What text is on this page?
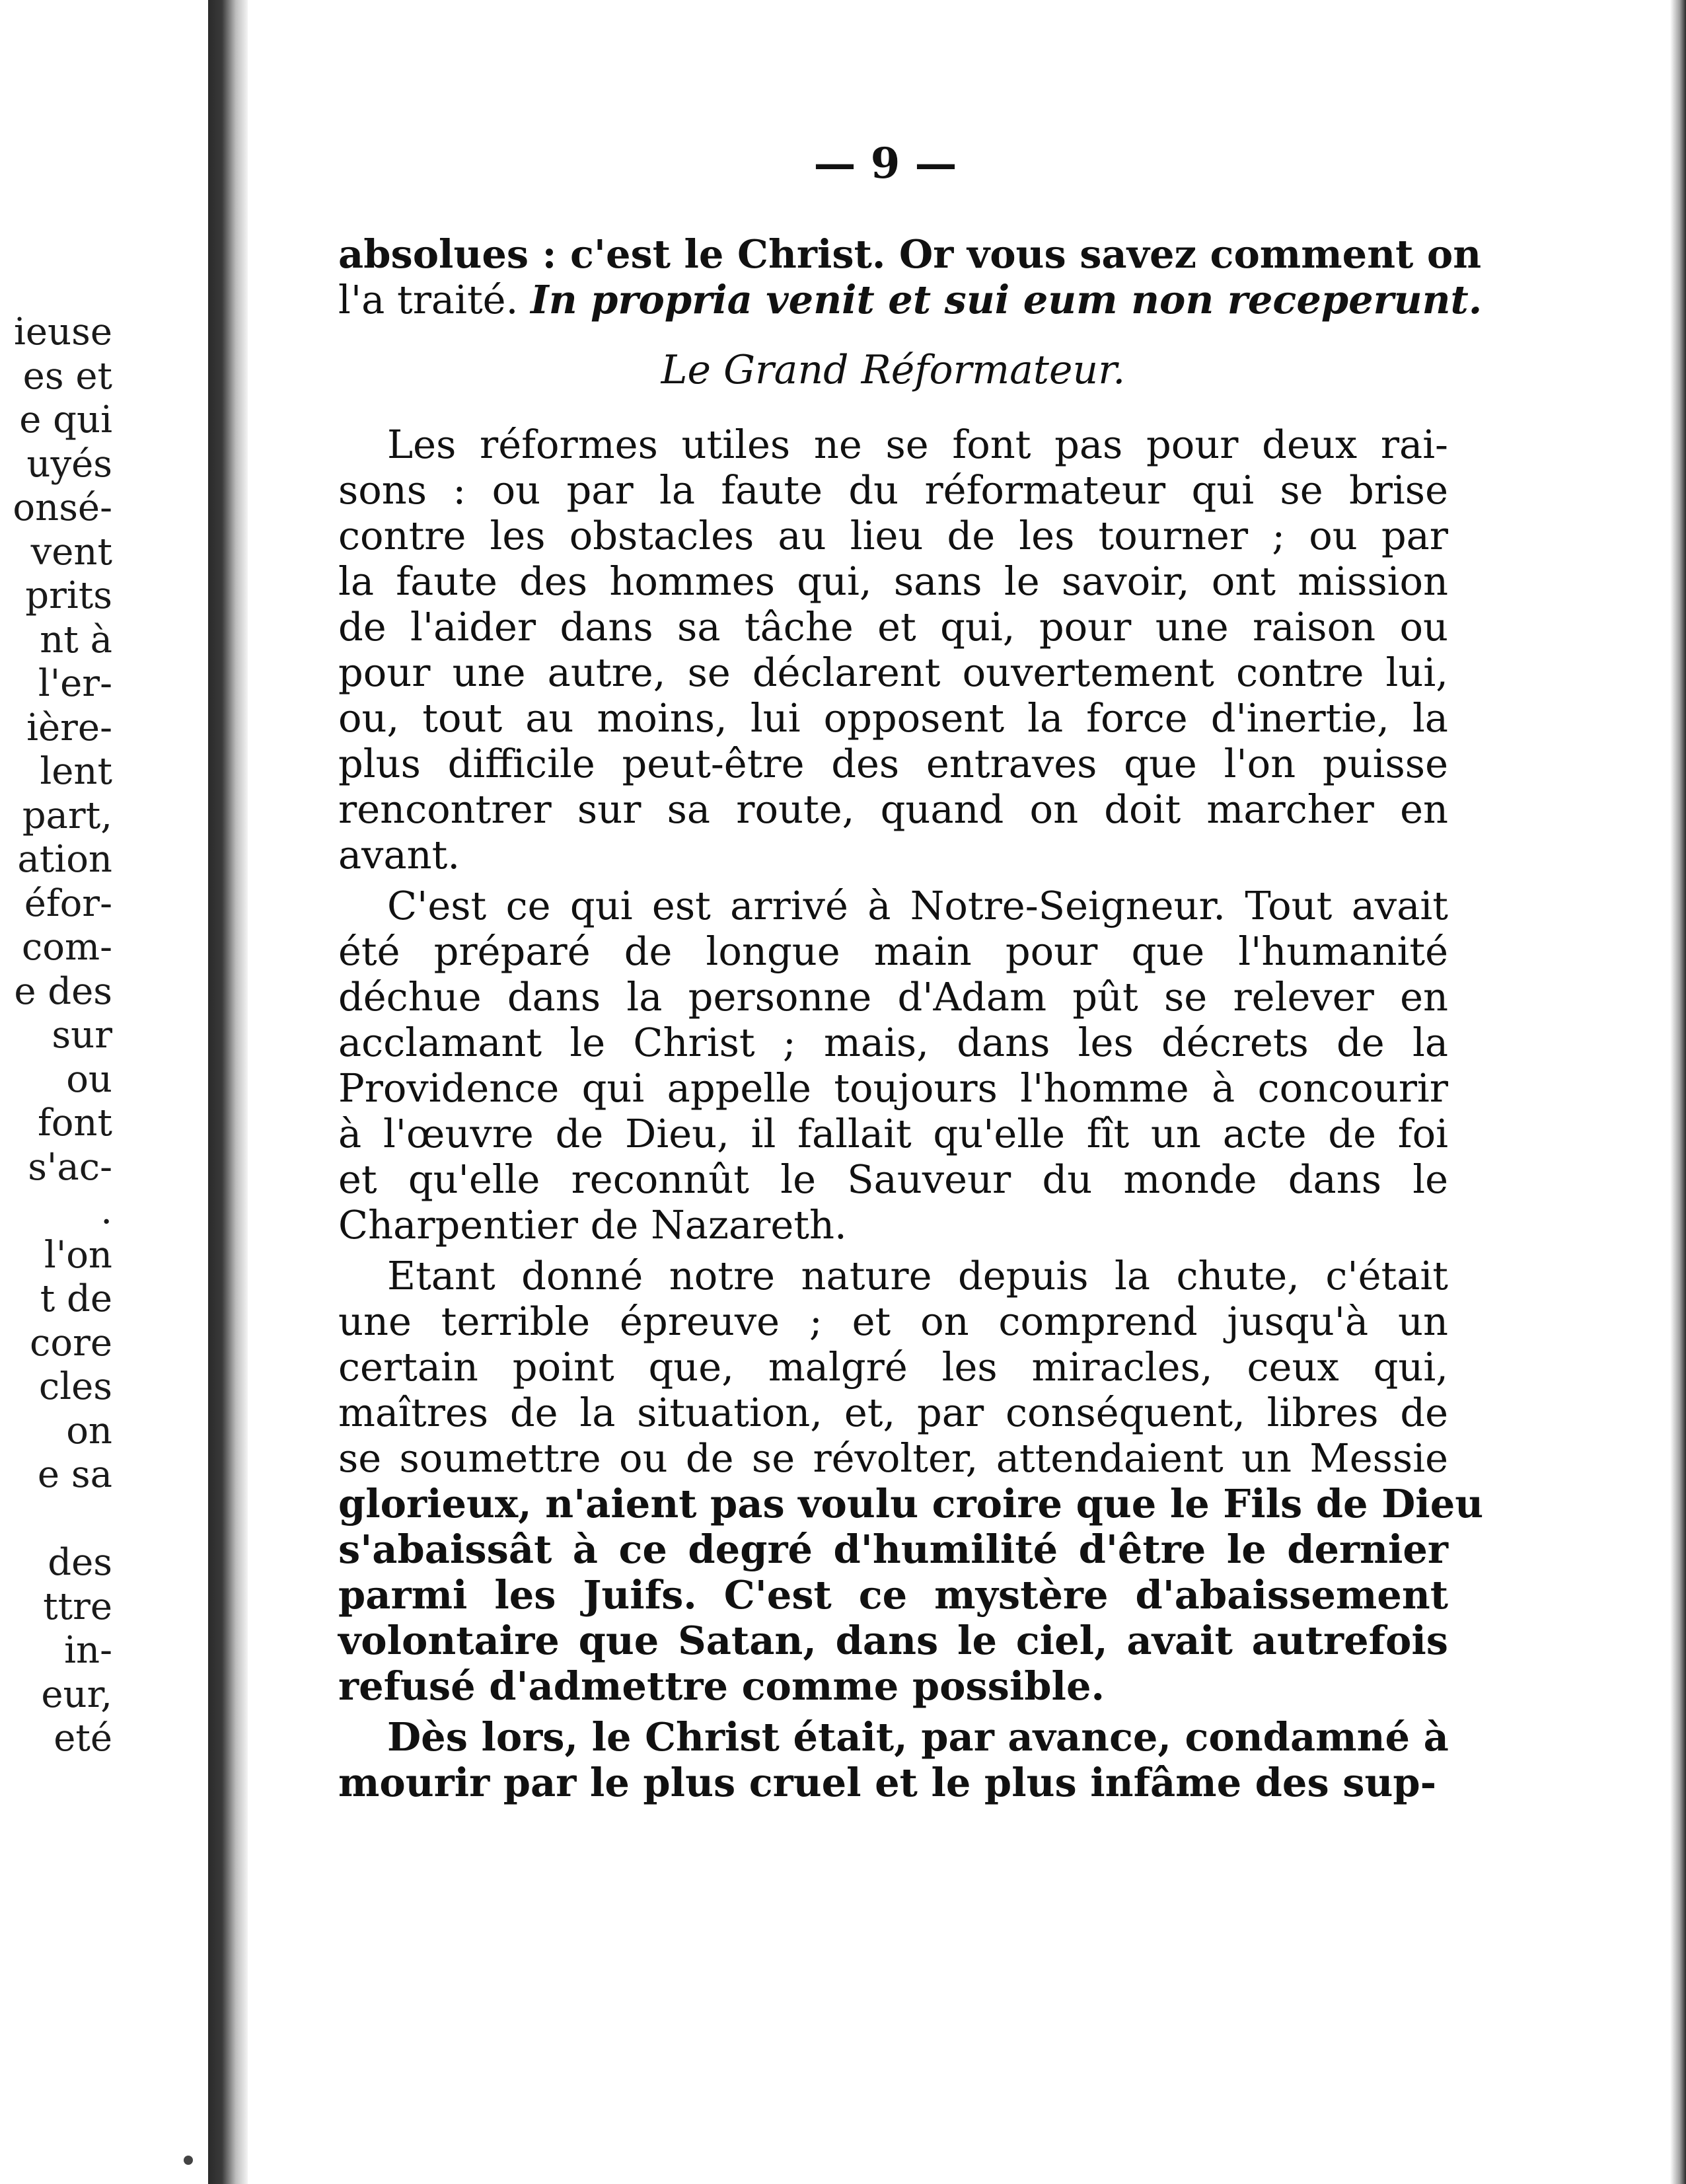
ieuse
es et
e qui
uyés
onsé-
vent
prits
nt à
l'er-
ière-
lent
part,
ation
éfor-
com-
e des
sur
ou
font
s'ac-
.
l'on
t de
core
cles
on
e sa
des
ttre
in-
eur,
eté
— 9 —
absolues : c'est le Christ. Or vous savez comment on
l'a traité. In propria venit et sui eum non receperunt.
Le Grand Réformateur.
Les réformes utiles ne se font pas pour deux rai-
sons : ou par la faute du réformateur qui se brise
contre les obstacles au lieu de les tourner ; ou par
la faute des hommes qui, sans le savoir, ont mission
de l'aider dans sa tâche et qui, pour une raison ou
pour une autre, se déclarent ouvertement contre lui,
ou, tout au moins, lui opposent la force d'inertie, la
plus difficile peut-être des entraves que l'on puisse
rencontrer sur sa route, quand on doit marcher en
avant.
C'est ce qui est arrivé à Notre-Seigneur. Tout avait
été préparé de longue main pour que l'humanité
déchue dans la personne d'Adam pût se relever en
acclamant le Christ ; mais, dans les décrets de la
Providence qui appelle toujours l'homme à concourir
à l'œuvre de Dieu, il fallait qu'elle fît un acte de foi
et qu'elle reconnût le Sauveur du monde dans le
Charpentier de Nazareth.
Etant donné notre nature depuis la chute, c'était
une terrible épreuve ; et on comprend jusqu'à un
certain point que, malgré les miracles, ceux qui,
maîtres de la situation, et, par conséquent, libres de
se soumettre ou de se révolter, attendaient un Messie
glorieux, n'aient pas voulu croire que le Fils de Dieu
s'abaissât à ce degré d'humilité d'être le dernier
parmi les Juifs. C'est ce mystère d'abaissement
volontaire que Satan, dans le ciel, avait autrefois
refusé d'admettre comme possible.
Dès lors, le Christ était, par avance, condamné à
mourir par le plus cruel et le plus infâme des sup-
